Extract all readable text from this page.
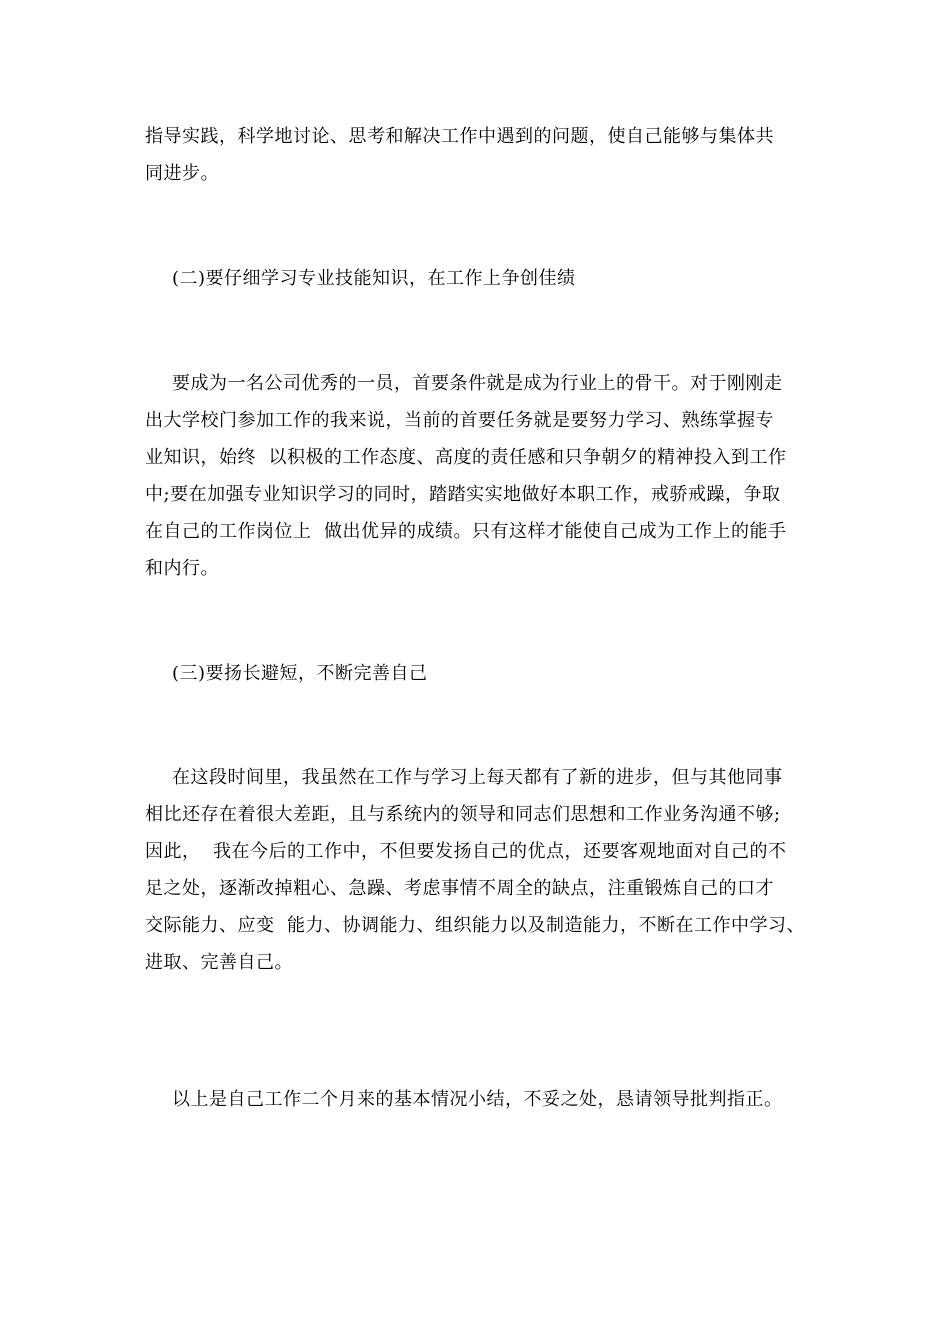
指导实践，科学地讨论、思考和解决工作中遇到的问题，使自己能够与集体共
同进步。
(二)要仔细学习专业技能知识，在工作上争创佳绩
要成为一名公司优秀的一员，首要条件就是成为行业上的骨干。对于刚刚走
出大学校门参加工作的我来说，当前的首要任务就是要努力学习、熟练掌握专
业知识，始终  以积极的工作态度、高度的责任感和只争朝夕的精神投入到工作
中;要在加强专业知识学习的同时，踏踏实实地做好本职工作，戒骄戒躁，争取
在自己的工作岗位上  做出优异的成绩。只有这样才能使自己成为工作上的能手
和内行。
(三)要扬长避短，不断完善自己
在这段时间里，我虽然在工作与学习上每天都有了新的进步，但与其他同事
相比还存在着很大差距，且与系统内的领导和同志们思想和工作业务沟通不够;
因此，  我在今后的工作中，不但要发扬自己的优点，还要客观地面对自己的不
足之处，逐渐改掉粗心、急躁、考虑事情不周全的缺点，注重锻炼自己的口才
交际能力、应变  能力、协调能力、组织能力以及制造能力，不断在工作中学习、
进取、完善自己。
以上是自己工作二个月来的基本情况小结，不妥之处，恳请领导批判指正。
